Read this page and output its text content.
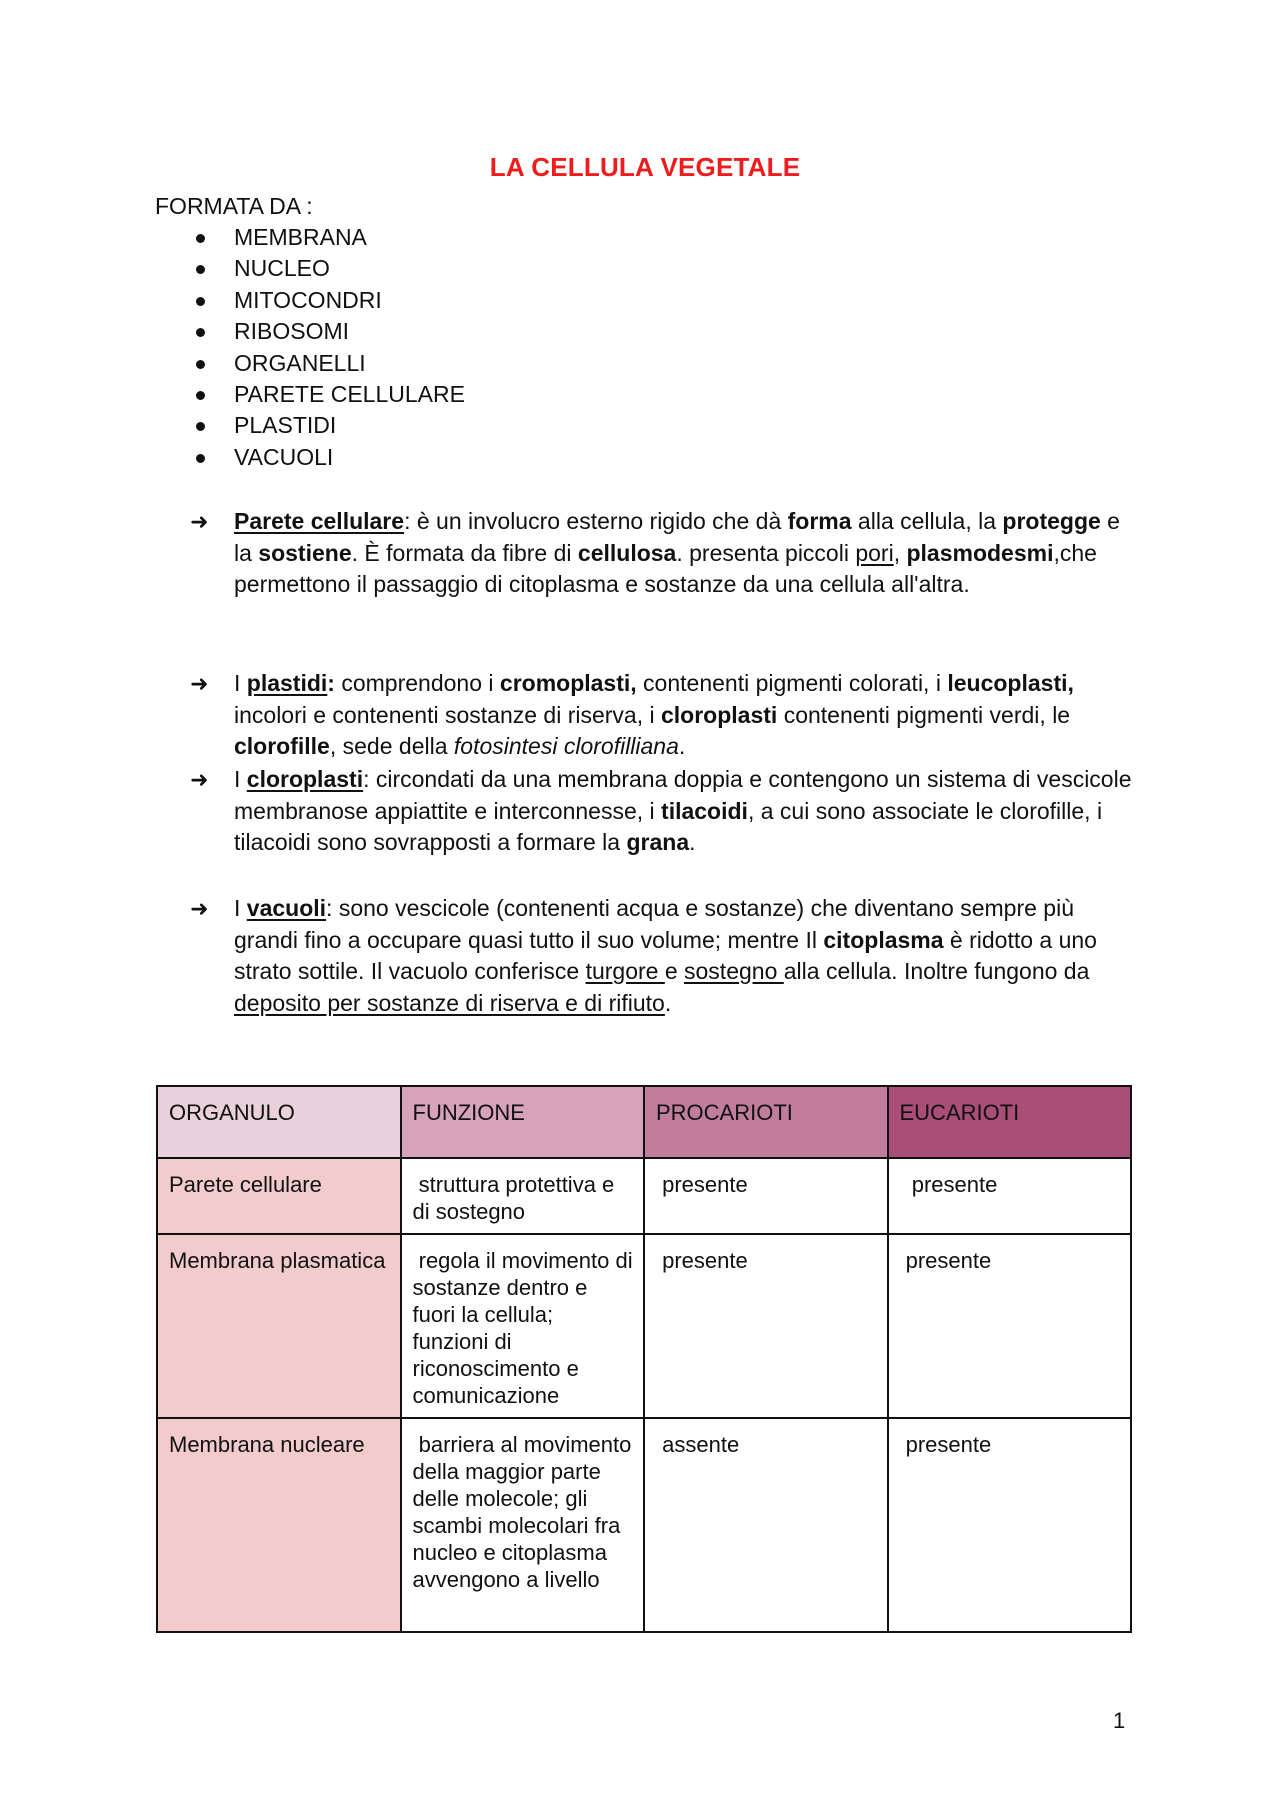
LA CELLULA VEGETALE
FORMATA DA :
MEMBRANA
NUCLEO
MITOCONDRI
RIBOSOMI
ORGANELLI
PARETE CELLULARE
PLASTIDI
VACUOLI
➜ Parete cellulare: è un involucro esterno rigido che dà forma alla cellula, la protegge e la sostiene. È formata da fibre di cellulosa. presenta piccoli pori, plasmodesmi,che permettono il passaggio di citoplasma e sostanze da una cellula all'altra.
➜ I plastidi: comprendono i cromoplasti, contenenti pigmenti colorati, i leucoplasti, incolori e contenenti sostanze di riserva, i cloroplasti contenenti pigmenti verdi, le clorofille, sede della fotosintesi clorofilliana.
➜ I cloroplasti: circondati da una membrana doppia e contengono un sistema di vescicole membranose appiattite e interconnesse, i tilacoidi, a cui sono associate le clorofille, i tilacoidi sono sovrapposti a formare la grana.
➜ I vacuoli: sono vescicole (contenenti acqua e sostanze) che diventano sempre più grandi fino a occupare quasi tutto il suo volume; mentre Il citoplasma è ridotto a uno strato sottile. Il vacuolo conferisce turgore e sostegno alla cellula. Inoltre fungono da deposito per sostanze di riserva e di rifiuto.
ORGANULO	FUNZIONE	PROCARIOTI	EUCARIOTI
Parete cellulare	struttura protettiva e di sostegno	presente	presente
Membrana plasmatica	regola il movimento di sostanze dentro e fuori la cellula; funzioni di riconoscimento e comunicazione	presente	presente
Membrana nucleare	barriera al movimento della maggior parte delle molecole; gli scambi molecolari fra nucleo e citoplasma avvengono a livello	assente	presente
1
